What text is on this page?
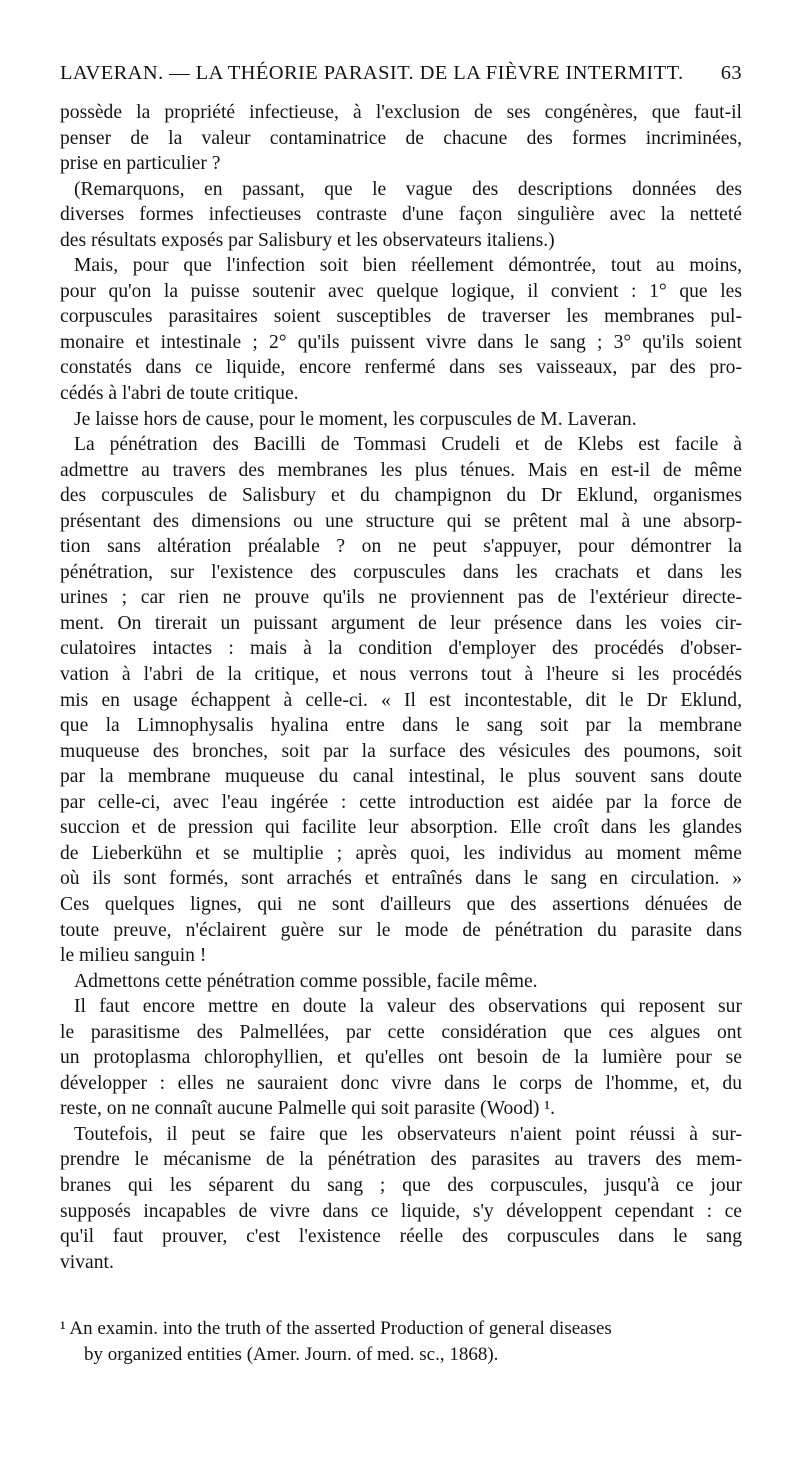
LAVERAN. — LA THÉORIE PARASIT. DE LA FIÈVRE INTERMITT. 63
possède la propriété infectieuse, à l'exclusion de ses congénères, que faut-il
penser de la valeur contaminatrice de chacune des formes incriminées,
prise en particulier ?
(Remarquons, en passant, que le vague des descriptions données des
diverses formes infectieuses contraste d'une façon singulière avec la netteté
des résultats exposés par Salisbury et les observateurs italiens.)
Mais, pour que l'infection soit bien réellement démontrée, tout au moins,
pour qu'on la puisse soutenir avec quelque logique, il convient : 1° que les
corpuscules parasitaires soient susceptibles de traverser les membranes pul-
monaire et intestinale ; 2° qu'ils puissent vivre dans le sang ; 3° qu'ils soient
constatés dans ce liquide, encore renfermé dans ses vaisseaux, par des pro-
cédés à l'abri de toute critique.
Je laisse hors de cause, pour le moment, les corpuscules de M. Laveran.
La pénétration des Bacilli de Tommasi Crudeli et de Klebs est facile à
admettre au travers des membranes les plus ténues. Mais en est-il de même
des corpuscules de Salisbury et du champignon du Dr Eklund, organismes
présentant des dimensions ou une structure qui se prêtent mal à une absorp-
tion sans altération préalable ? on ne peut s'appuyer, pour démontrer la
pénétration, sur l'existence des corpuscules dans les crachats et dans les
urines ; car rien ne prouve qu'ils ne proviennent pas de l'extérieur directe-
ment. On tirerait un puissant argument de leur présence dans les voies cir-
culatoires intactes : mais à la condition d'employer des procédés d'obser-
vation à l'abri de la critique, et nous verrons tout à l'heure si les procédés
mis en usage échappent à celle-ci. « Il est incontestable, dit le Dr Eklund,
que la Limnophysalis hyalina entre dans le sang soit par la membrane
muqueuse des bronches, soit par la surface des vésicules des poumons, soit
par la membrane muqueuse du canal intestinal, le plus souvent sans doute
par celle-ci, avec l'eau ingérée : cette introduction est aidée par la force de
succion et de pression qui facilite leur absorption. Elle croît dans les glandes
de Lieberkühn et se multiplie ; après quoi, les individus au moment même
où ils sont formés, sont arrachés et entraînés dans le sang en circulation. »
Ces quelques lignes, qui ne sont d'ailleurs que des assertions dénuées de
toute preuve, n'éclairent guère sur le mode de pénétration du parasite dans
le milieu sanguin !
Admettons cette pénétration comme possible, facile même.
Il faut encore mettre en doute la valeur des observations qui reposent sur
le parasitisme des Palmellées, par cette considération que ces algues ont
un protoplasma chlorophyllien, et qu'elles ont besoin de la lumière pour se
développer : elles ne sauraient donc vivre dans le corps de l'homme, et, du
reste, on ne connaît aucune Palmelle qui soit parasite (Wood) ¹.
Toutefois, il peut se faire que les observateurs n'aient point réussi à sur-
prendre le mécanisme de la pénétration des parasites au travers des mem-
branes qui les séparent du sang ; que des corpuscules, jusqu'à ce jour
supposés incapables de vivre dans ce liquide, s'y développent cependant : ce
qu'il faut prouver, c'est l'existence réelle des corpuscules dans le sang
vivant.
¹ An examin. into the truth of the asserted Production of general diseases
by organized entities (Amer. Journ. of med. sc., 1868).
